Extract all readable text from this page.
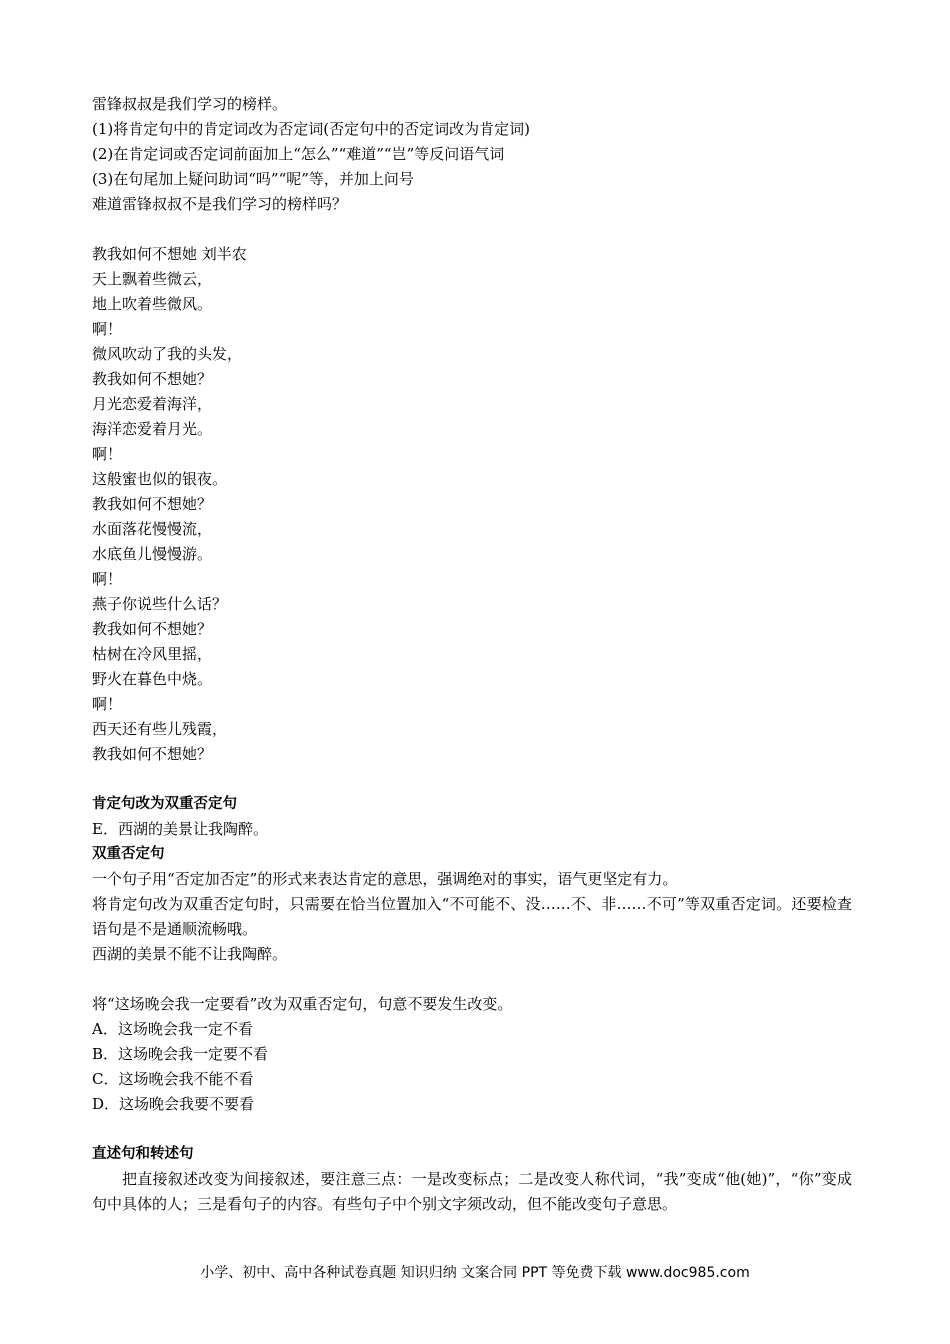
雷锋叔叔是我们学习的榜样。
(1)将肯定句中的肯定词改为否定词(否定句中的否定词改为肯定词)
(2)在肯定词或否定词前面加上“怎么”“难道”“岂”等反问语气词
(3)在句尾加上疑问助词“吗”“呢”等，并加上问号
难道雷锋叔叔不是我们学习的榜样吗？
教我如何不想她 刘半农
天上飘着些微云，
地上吹着些微风。
啊！
微风吹动了我的头发，
教我如何不想她？
月光恋爱着海洋，
海洋恋爱着月光。
啊！
这般蜜也似的银夜。
教我如何不想她？
水面落花慢慢流，
水底鱼儿慢慢游。
啊！
燕子你说些什么话？
教我如何不想她？
枯树在冷风里摇，
野火在暮色中烧。
啊！
西天还有些儿残霞，
教我如何不想她？
肯定句改为双重否定句
E．西湖的美景让我陶醉。
双重否定句
一个句子用“否定加否定”的形式来表达肯定的意思，强调绝对的事实，语气更坚定有力。
将肯定句改为双重否定句时，只需要在恰当位置加入“不可能不、没……不、非……不可”等双重否定词。还要检查语句是不是通顺流畅哦。
西湖的美景不能不让我陶醉。
将“这场晚会我一定要看”改为双重否定句，句意不要发生改变。
A．这场晚会我一定不看
B．这场晚会我一定要不看
C．这场晚会我不能不看
D．这场晚会我要不要看
直述句和转述句
把直接叙述改变为间接叙述，要注意三点：一是改变标点；二是改变人称代词，“我”变成“他(她)”，“你”变成句中具体的人；三是看句子的内容。有些句子中个别文字须改动，但不能改变句子意思。
小学、初中、高中各种试卷真题 知识归纳 文案合同 PPT 等免费下载 www.doc985.com
